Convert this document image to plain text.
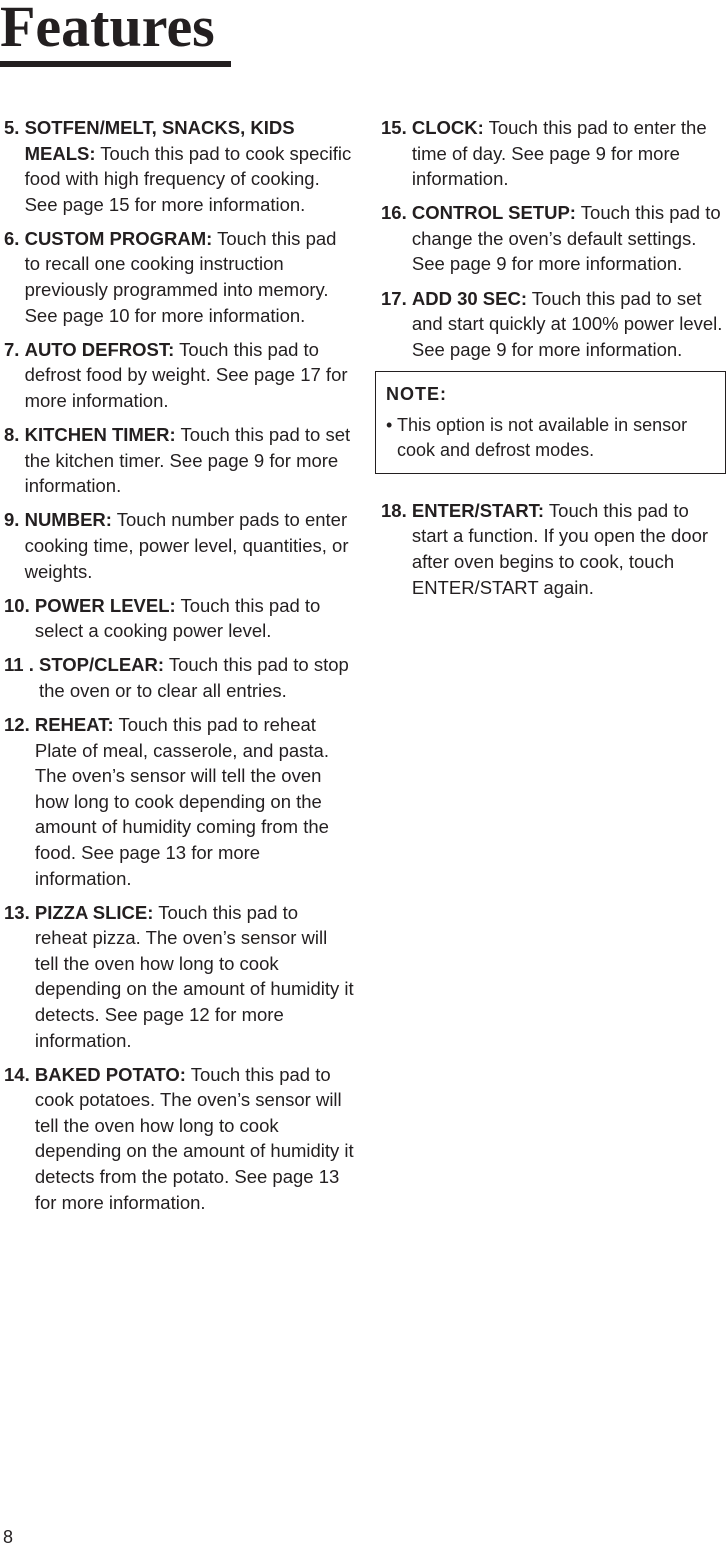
Features
5. SOTFEN/MELT, SNACKS, KIDS MEALS: Touch this pad to cook specific food with high frequency of cooking. See page 15 for more information.
6. CUSTOM PROGRAM: Touch this pad to recall one cooking instruction previously programmed into memory. See page 10 for more information.
7. AUTO DEFROST: Touch this pad to defrost food by weight. See page 17 for more information.
8. KITCHEN TIMER: Touch this pad to set the kitchen timer. See page 9 for more information.
9. NUMBER: Touch number pads to enter cooking time, power level, quantities, or weights.
10. POWER LEVEL: Touch this pad to select a cooking power level.
11 . STOP/CLEAR: Touch this pad to stop the oven or to clear all entries.
12. REHEAT: Touch this pad to reheat Plate of meal, casserole, and pasta. The oven’s sensor will tell the oven how long to cook depending on the amount of humidity coming from the food. See page 13 for more information.
13. PIZZA SLICE: Touch this pad to reheat pizza. The oven’s sensor will tell the oven how long to cook depending on the amount of humidity it detects. See page 12 for more information.
14. BAKED POTATO: Touch this pad to cook potatoes. The oven’s sensor will tell the oven how long to cook depending on the amount of humidity it detects from the potato. See page 13 for more information.
15. CLOCK: Touch this pad to enter the time of day. See page 9 for more information.
16. CONTROL SETUP: Touch this pad to change the oven’s default settings. See page 9 for more information.
17. ADD 30 SEC: Touch this pad to set and start quickly at 100% power level. See page 9 for more information.
NOTE:
• This option is not available in sensor cook and defrost modes.
18. ENTER/START: Touch this pad to start a function. If you open the door after oven begins to cook, touch ENTER/START again.
8
